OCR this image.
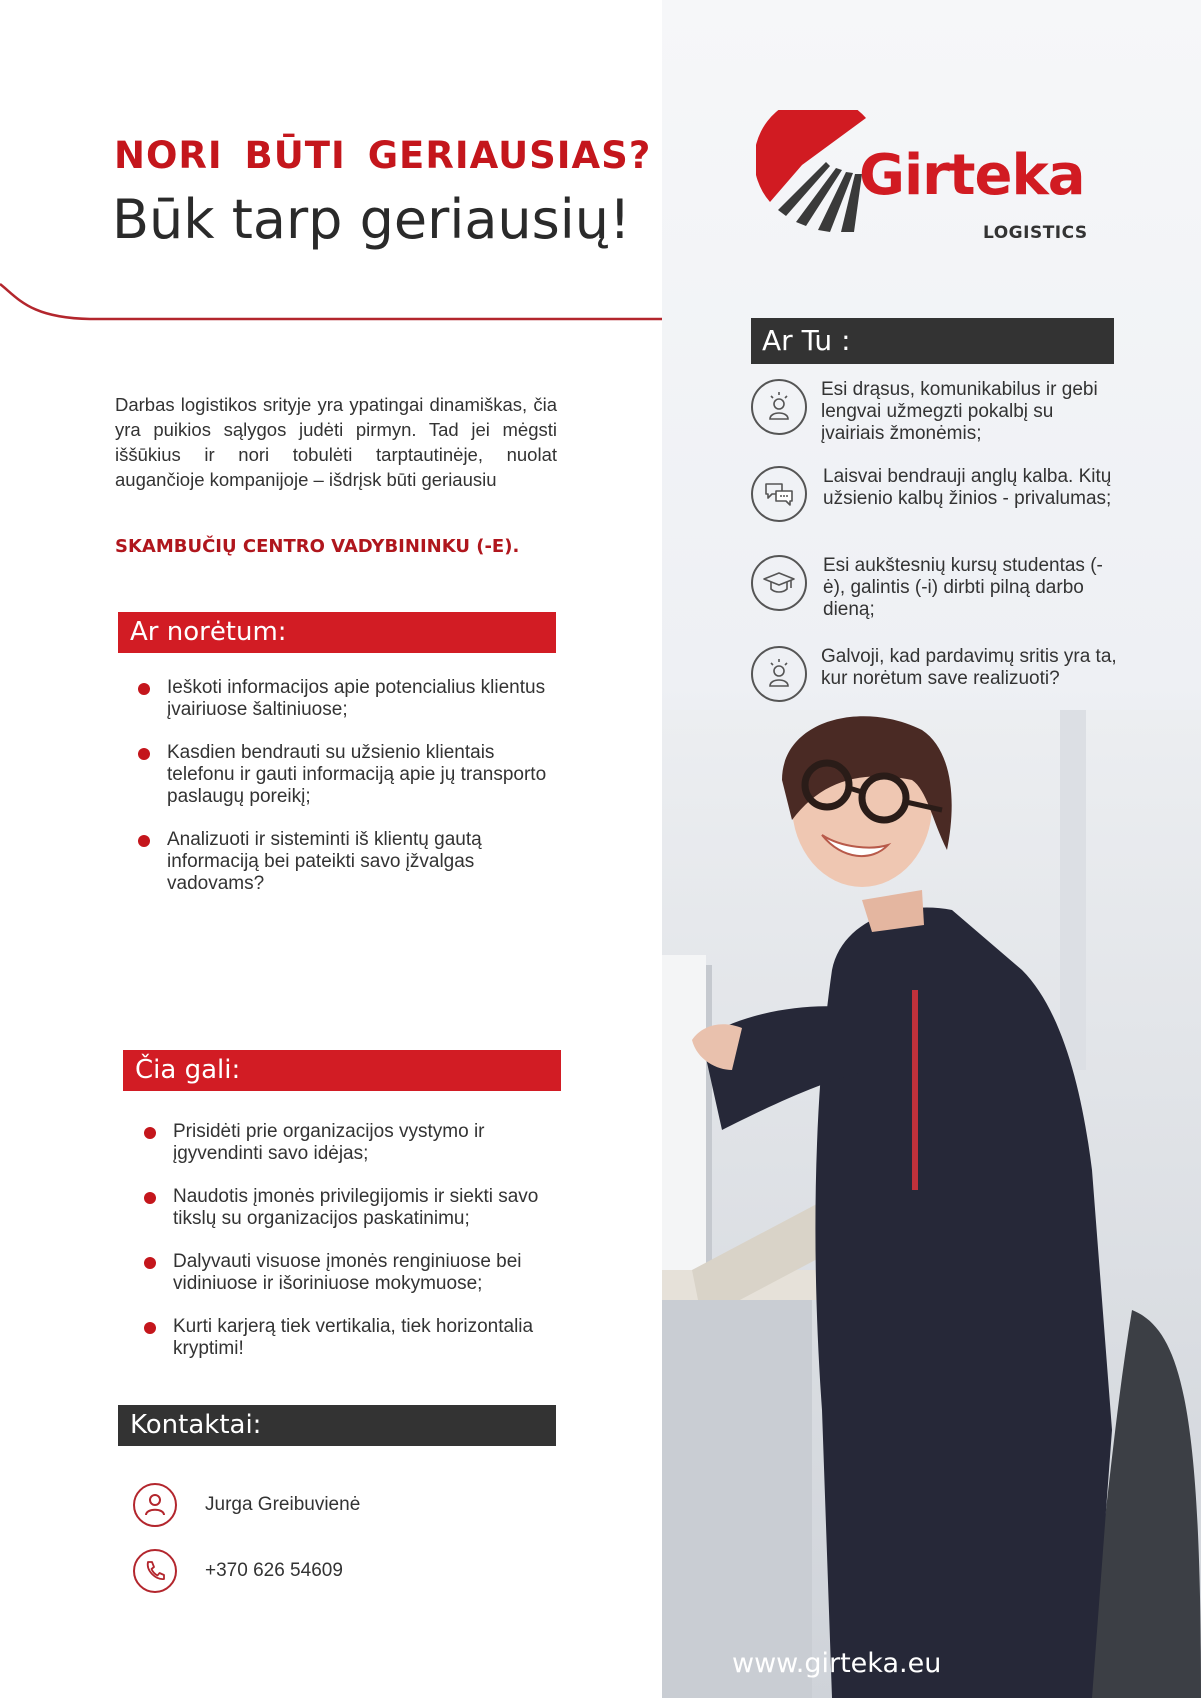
NORI BŪTI GERIAUSIAS?
Būk tarp geriausių!

Darbas logistikos srityje yra ypatingai dinamiškas, čia yra puikios sąlygos judėti pirmyn. Tad jei mėgsti iššūkius ir nori tobulėti tarptautinėje, nuolat augančioje kompanijoje – išdrįsk būti geriausiu

SKAMBUČIŲ CENTRO VADYBININKU (-E).

Ar norėtum:
Ieškoti informacijos apie potencialius klientus įvairiuose šaltiniuose;
Kasdien bendrauti su užsienio klientais telefonu ir gauti informaciją apie jų transporto paslaugų poreikį;
Analizuoti ir sisteminti iš klientų gautą informaciją bei pateikti savo įžvalgas vadovams?
Čia gali:
Prisidėti prie organizacijos vystymo ir įgyvendinti savo idėjas;
Naudotis įmonės privilegijomis ir siekti savo tikslų su organizacijos paskatinimu;
Dalyvauti visuose įmonės renginiuose bei vidiniuose ir išoriniuose mokymuose;
Kurti karjerą tiek vertikalia, tiek horizontalia kryptimi!
Kontaktai:
Jurga Greibuvienė
+370 626 54609

Girteka

LOGISTICS

Ar Tu :

Esi drąsus, komunikabilus ir gebi lengvai užmegzti pokalbį su įvairiais žmonėmis;

Laisvai bendrauji anglų kalba. Kitų užsienio kalbų žinios - privalumas;

Esi aukštesnių kursų studentas (-ė), galintis (-i) dirbti pilną darbo dieną;

Galvoji, kad pardavimų sritis yra ta, kur norėtum save realizuoti?

www.girteka.eu
